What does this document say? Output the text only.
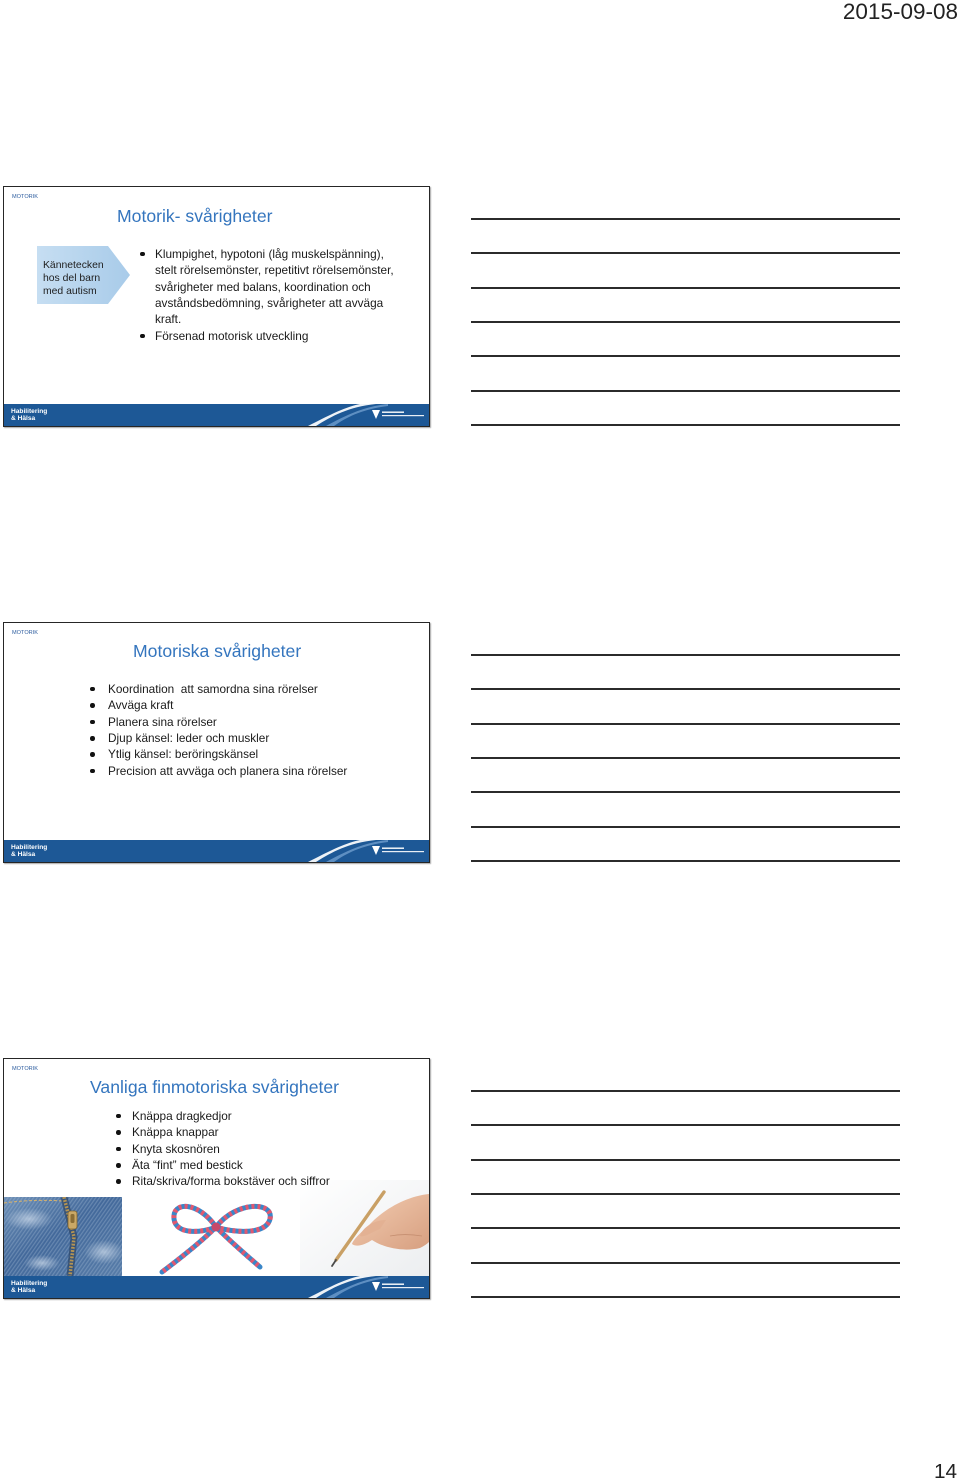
2015-09-08
MOTORIK
Motorik- svårigheter
Kännetecken
hos del barn
med autism
Klumpighet, hypotoni (låg muskelspänning), stelt rörelsemönster, repetitivt rörelsemönster, svårigheter med balans, koordination och avståndsbedömning, svårigheter att avväga kraft.
Försenad motorisk utveckling
Habilitering
& Hälsa
MOTORIK
Motoriska svårigheter
Koordination  att samordna sina rörelser
Avväga kraft
Planera sina rörelser
Djup känsel: leder och muskler
Ytlig känsel: beröringskänsel
Precision att avväga och planera sina rörelser
Habilitering
& Hälsa
MOTORIK
Vanliga finmotoriska svårigheter
Knäppa dragkedjor
Knäppa knappar
Knyta skosnören
Äta “fint” med bestick
Rita/skriva/forma bokstäver och siffror
Habilitering
& Hälsa
14
